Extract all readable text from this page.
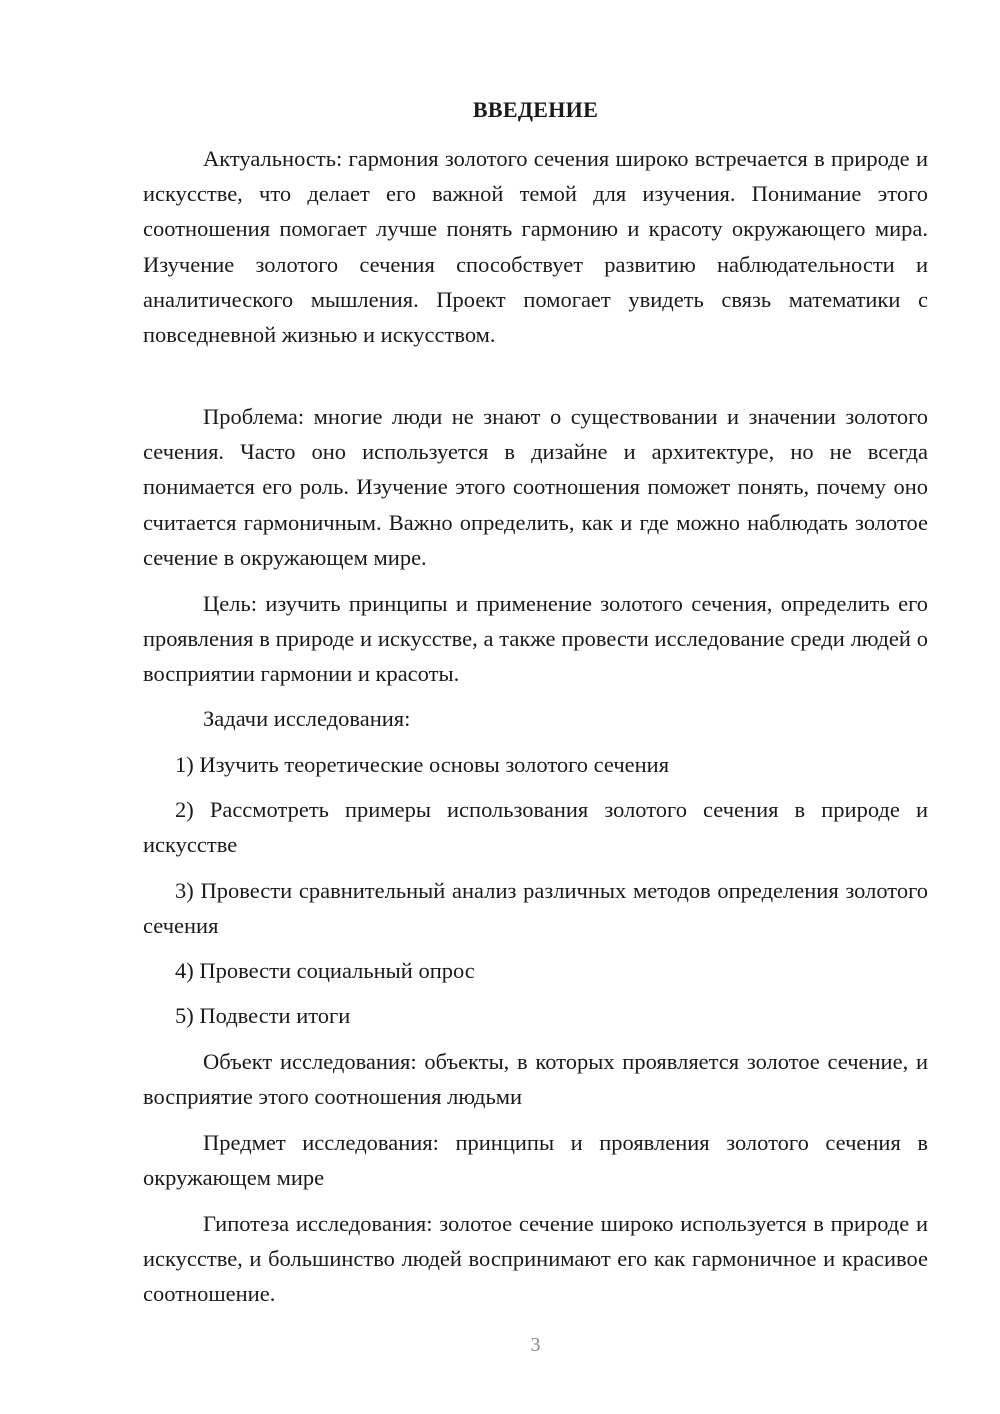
ВВЕДЕНИЕ

Актуальность: гармония золотого сечения широко встречается в природе и искусстве, что делает его важной темой для изучения. Понимание этого соотношения помогает лучше понять гармонию и красоту окружающего мира. Изучение золотого сечения способствует развитию наблюдательности и аналитического мышления. Проект помогает увидеть связь математики с повседневной жизнью и искусством.

Проблема: многие люди не знают о существовании и значении золотого сечения. Часто оно используется в дизайне и архитектуре, но не всегда понимается его роль. Изучение этого соотношения поможет понять, почему оно считается гармоничным. Важно определить, как и где можно наблюдать золотое сечение в окружающем мире.

Цель: изучить принципы и применение золотого сечения, определить его проявления в природе и искусстве, а также провести исследование среди людей о восприятии гармонии и красоты.

Задачи исследования:

1) Изучить теоретические основы золотого сечения

2) Рассмотреть примеры использования золотого сечения в природе и искусстве

3) Провести сравнительный анализ различных методов определения золотого сечения

4) Провести социальный опрос

5) Подвести итоги

Объект исследования: объекты, в которых проявляется золотое сечение, и восприятие этого соотношения людьми

Предмет исследования: принципы и проявления золотого сечения в окружающем мире

Гипотеза исследования: золотое сечение широко используется в природе и искусстве, и большинство людей воспринимают его как гармоничное и красивое соотношение.

3
